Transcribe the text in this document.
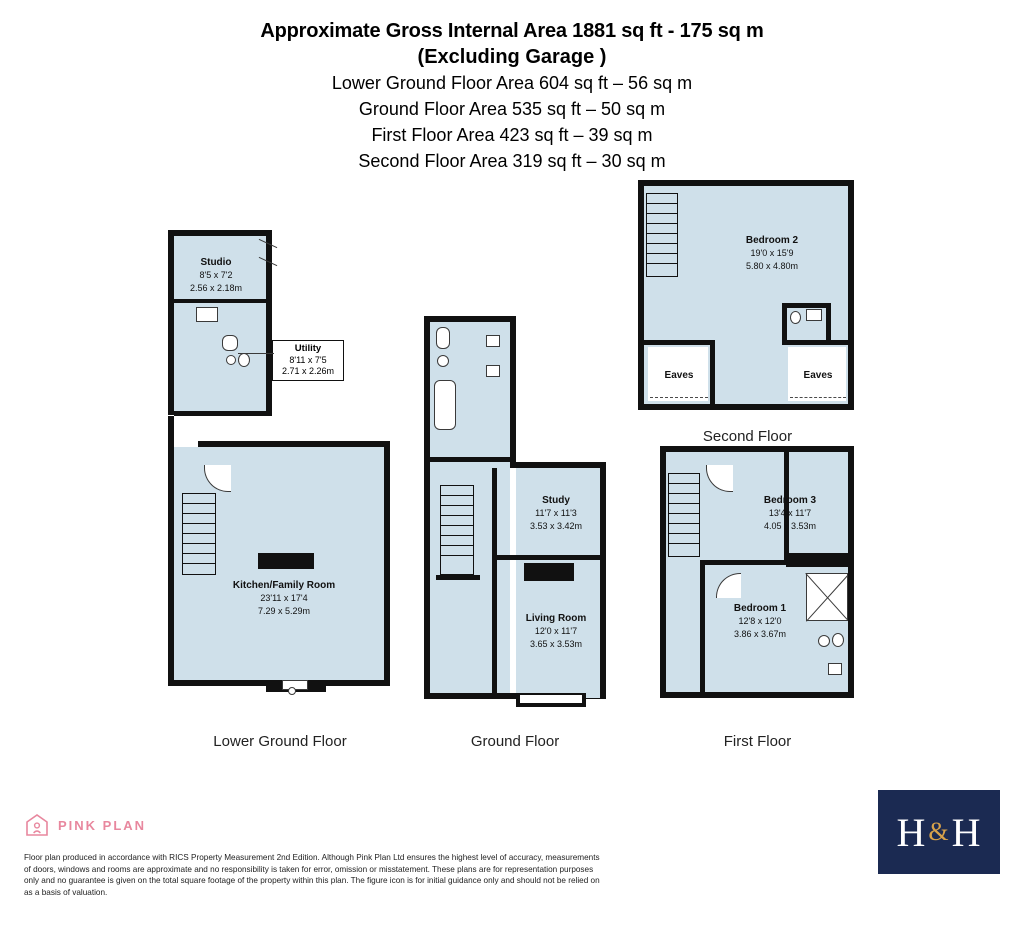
Approximate Gross Internal Area 1881 sq ft - 175 sq m
(Excluding Garage )
Lower Ground Floor Area 604 sq ft – 56 sq m
Ground Floor Area 535 sq ft – 50 sq m
First Floor Area 423 sq ft – 39 sq m
Second Floor Area 319 sq ft – 30 sq m
Studio
8'5 x 7'2
2.56 x 2.18m
Utility
8'11 x 7'5
2.71 x 2.26m
Kitchen/Family Room
23'11 x 17'4
7.29 x 5.29m
Lower Ground Floor
Study
11'7 x 11'3
3.53 x 3.42m
Living Room
12'0 x 11'7
3.65 x 3.53m
Ground Floor
Bedroom 3
13'4 x 11'7
4.05 x 3.53m
Bedroom 1
12'8 x 12'0
3.86 x 3.67m
First Floor
Bedroom 2
19'0 x 15'9
5.80 x 4.80m
Eaves	Eaves
Second Floor
PINK PLAN
Floor plan produced in accordance with RICS Property Measurement 2nd Edition. Although Pink Plan Ltd ensures the highest level of accuracy, measurements of doors, windows and rooms are approximate and no responsibility is taken for error, omission or misstatement. These plans are for representation purposes only and no guarantee is given on the total square footage of the property within this plan. The figure icon is for initial guidance only and should not be relied on as a basis of valuation.
H & H
